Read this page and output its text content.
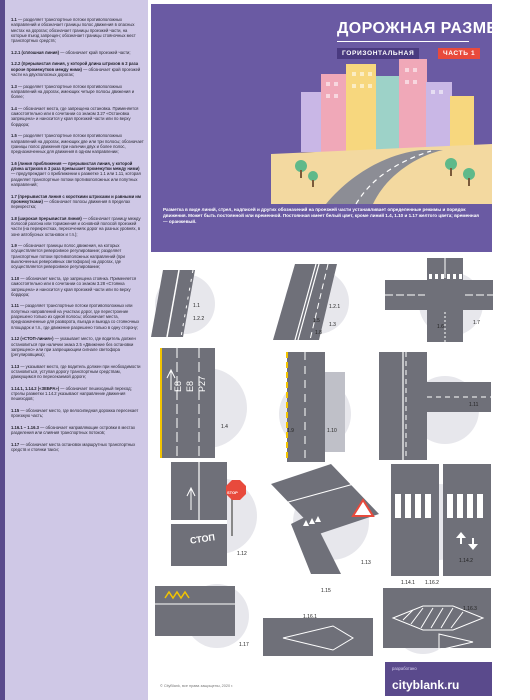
1.1 — разделяет транспортные потоки противоположных направлений и обозначает границы полос движения в опасных местах на дорогах; обозначает границы проезжей части, на которые въезд запрещен; обозначает границы стояночных мест транспортных средств;
1.2.1 (сплошная линия) — обозначает край проезжей части;
1.2.2 (прерывистая линия, у которой длина штрихов в 2 раза короче промежутков между ними) — обозначает край проезжей части на двухполосных дорогах;
1.3 — разделяет транспортные потоки противоположных направлений на дорогах, имеющих четыре полосы движения и более;
1.4 — обозначает места, где запрещена остановка. Применяется самостоятельно или в сочетании со знаком 3.27 «Остановка запрещена» и наносится у края проезжей части или по верху бордюра;
1.5 — разделяет транспортные потоки противоположных направлений на дорогах, имеющих две или три полосы; обозначает границы полос движения при наличии двух и более полос, предназначенных для движения в одном направлении;
1.6 (линия приближения — прерывистая линия, у которой длина штрихов в 3 раза превышает промежутки между ними) — предупреждает о приближении к разметке 1.1 или 1.11, которая разделяет транспортные потоки противоположных или попутных направлений;
1.7 (прерывистая линия с короткими штрихами и равными им промежутками) — обозначает полосы движения в пределах перекрестка;
1.8 (широкая прерывистая линия) — обозначает границу между полосой разгона или торможения и основной полосой проезжей части (на перекрестках, пересечениях дорог на разных уровнях, в зоне автобусных остановок и т.п.);
1.9 — обозначает границы полос движения, на которых осуществляется реверсивное регулирование; разделяет транспортные потоки противоположных направлений (при выключенных реверсивных светофорах) на дорогах, где осуществляется реверсивное регулирование;
1.10 — обозначает места, где запрещена стоянка. Применяется самостоятельно или в сочетании со знаком 3.28 «Стоянка запрещена» и наносится у края проезжей части или по верху бордюра;
1.11 — разделяет транспортные потоки противоположных или попутных направлений на участках дорог, где перестроение разрешено только из одной полосы; обозначает места, предназначенные для разворота, въезда и выезда со стояночных площадок и т.п., где движение разрешено только в одну сторону;
1.12 («СТОП-линия») — указывает место, где водитель должен остановиться при наличии знака 2.5 «Движение без остановки запрещено» или при запрещающем сигнале светофора (регулировщика);
1.13 — указывает место, где водитель должен при необходимости остановиться, уступая дорогу транспортным средствам, движущимся по пересекаемой дороге;
1.14.1, 1.14.2 («ЗЕБРА») — обозначает пешеходный переход; стрелы разметки 1.14.2 указывают направление движения пешеходов;
1.15 — обозначает место, где велосипедная дорожка пересекает проезжую часть;
1.16.1 – 1.16.3 — обозначает направляющие островки в местах разделения или слияния транспортных потоков;
1.17 — обозначает места остановок маршрутных транспортных средств и стоянки такси;
ДОРОЖНАЯ РАЗМЕТКА
ГОРИЗОНТАЛЬНАЯ	ЧАСТЬ 1
Разметка в виде линий, стрел, надписей и других обозначений на проезжей части устанавливает определенные режимы и порядок движения. Может быть постоянной или временной. Постоянная имеет белый цвет, кроме линий 1.4, 1.10 и 1.17 желтого цвета; временная — оранжевый.
1.1
1.2.2
1.2.1
1.3
1.5
1.8
1.6
1.7
Е8 Е8 Р27
1.4
1.9	1.10
1.11
СТОП
STOP
1.12
1.13
1.15
1.14.1
1.14.2
1.17
1.16.1
1.16.2
1.16.3
© CityBlank, все права защищены, 2020 г.
разработано
cityblank.ru
